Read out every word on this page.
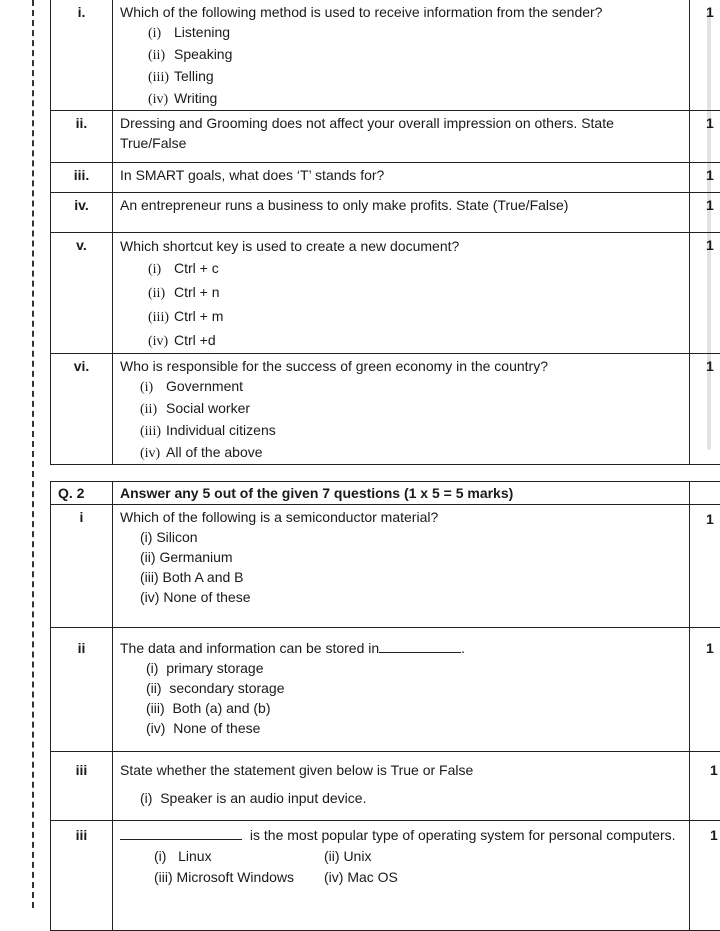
i.	Which of the following method is used to receive information from the sender?
(i) Listening
(ii) Speaking
(iii) Telling
(iv) Writing	1
ii.	Dressing and Grooming does not affect your overall impression on others. State True/False	1
iii.	In SMART goals, what does ‘T’ stands for?	1
iv.	An entrepreneur runs a business to only make profits. State (True/False)	1
v.	Which shortcut key is used to create a new document?
(i) Ctrl + c
(ii) Ctrl + n
(iii) Ctrl + m
(iv) Ctrl +d	1
vi.	Who is responsible for the success of green economy in the country?
(i) Government
(ii) Social worker
(iii) Individual citizens
(iv) All of the above	1
Q. 2	Answer any 5 out of the given 7 questions (1 x 5 = 5 marks)	
i	Which of the following is a semiconductor material?
(i) Silicon
(ii) Germanium
(iii) Both A and B
(iv) None of these	1
ii	The data and information can be stored in .
(i) primary storage
(ii) secondary storage
(iii) Both (a) and (b)
(iv) None of these	1
iii	State whether the statement given below is True or False
(i) Speaker is an audio input device.	1
iii	is the most popular type of operating system for personal computers.
(i) Linux (ii) Unix
(iii) Microsoft Windows (iv) Mac OS	1
